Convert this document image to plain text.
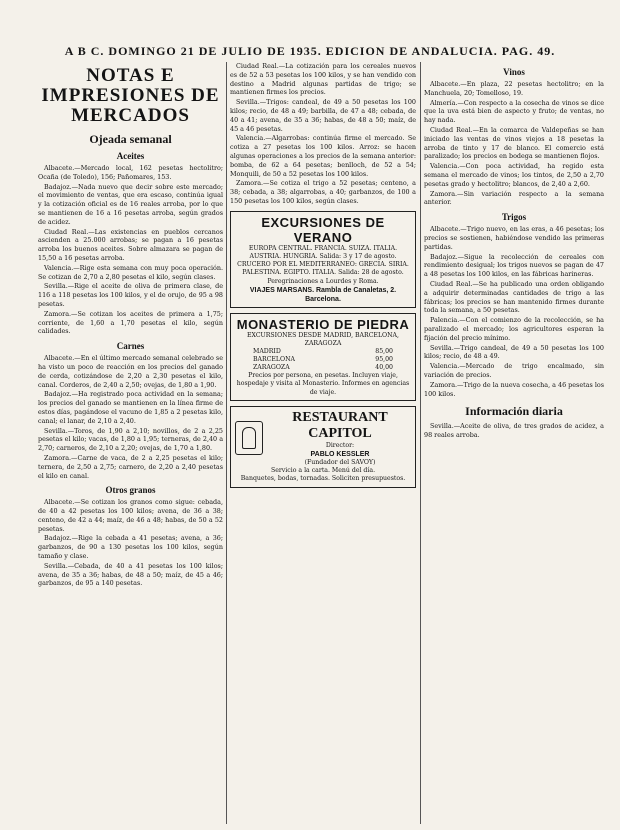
A B C. DOMINGO 21 DE JULIO DE 1935. EDICION DE ANDALUCIA. PAG. 49.
NOTAS E IMPRESIONES DE MERCADOS
Ojeada semanal
Aceites

Albacete.—Mercado local, 162 pesetas hectolitro; Ocaña (de Toledo), 156; Pañomares, 153.

Badajoz.—Nada nuevo que decir sobre este mercado; el movimiento de ventas, que era escaso, continúa igual y la cotización oficial es de 16 reales arroba, por lo que se mantienen de 16 a 16 pesetas arroba, según grados de acidez.

Ciudad Real.—Las existencias en pueblos cercanos ascienden a 25.000 arrobas; se pagan a 16 pesetas arroba los buenos aceites. Sobre almazara se pagan de 15,50 a 16 pesetas arroba.

Valencia.—Rige esta semana con muy poca operación. Se cotizan de 2,70 a 2,80 pesetas el kilo, según clases.

Sevilla.—Rige el aceite de oliva de primera clase, de 116 a 118 pesetas los 100 kilos, y el de orujo, de 95 a 98 pesetas.

Zamora.—Se cotizan los aceites de primera a 1,75; corriente, de 1,60 a 1,70 pesetas el kilo, según calidades.

Carnes

Albacete.—En el último mercado semanal celebrado se ha visto un poco de reacción en los precios del ganado de cerda, cotizándose de 2,20 a 2,30 pesetas el kilo, canal. Corderos, de 2,40 a 2,50; ovejas, de 1,80 a 1,90.

Badajoz.—Ha registrado poca actividad en la semana; los precios del ganado se mantienen en la línea firme de estos días, pagándose el vacuno de 1,85 a 2 pesetas kilo, canal; el lanar, de 2,10 a 2,40.

Sevilla.—Toros, de 1,90 a 2,10; novillos, de 2 a 2,25 pesetas el kilo; vacas, de 1,80 a 1,95; terneras, de 2,40 a 2,70; carneros, de 2,10 a 2,20; ovejas, de 1,70 a 1,80.

Zamora.—Carne de vaca, de 2 a 2,25 pesetas el kilo; ternera, de 2,50 a 2,75; carnero, de 2,20 a 2,40 pesetas el kilo en canal.

Otros granos

Albacete.—Se cotizan los granos como sigue: cebada, de 40 a 42 pesetas los 100 kilos; avena, de 36 a 38; centeno, de 42 a 44; maíz, de 46 a 48; habas, de 50 a 52 pesetas.

Badajoz.—Rige la cebada a 41 pesetas; avena, a 36; garbanzos, de 90 a 130 pesetas los 100 kilos, según tamaño y clase.

Sevilla.—Cebada, de 40 a 41 pesetas los 100 kilos; avena, de 35 a 36; habas, de 48 a 50; maíz, de 45 a 46; garbanzos, de 95 a 140 pesetas.

Ciudad Real.—La cotización para los cereales nuevos es de 52 a 53 pesetas los 100 kilos, y se han vendido con destino a Madrid algunas partidas de trigo; se mantienen firmes los precios.

Sevilla.—Trigos: candeal, de 49 a 50 pesetas los 100 kilos; recio, de 48 a 49; barbilla, de 47 a 48; cebada, de 40 a 41; avena, de 35 a 36; habas, de 48 a 50; maíz, de 45 a 46 pesetas.

Valencia.—Algarrobas: continúa firme el mercado. Se cotiza a 27 pesetas los 100 kilos. Arroz: se hacen algunas operaciones a los precios de la semana anterior: bomba, de 62 a 64 pesetas; benlloch, de 52 a 54; Monquili, de 50 a 52 pesetas los 100 kilos.

Zamora.—Se cotiza el trigo a 52 pesetas; centeno, a 38; cebada, a 38; algarrobas, a 40; garbanzos, de 100 a 150 pesetas los 100 kilos, según clases.

EXCURSIONES DE VERANO
EUROPA CENTRAL. FRANCIA. SUIZA. ITALIA. AUSTRIA. HUNGRIA. Salida: 3 y 17 de agosto.
CRUCERO POR EL MEDITERRANEO: GRECIA. SIRIA. PALESTINA. EGIPTO. ITALIA. Salida: 28 de agosto.
Peregrinaciones a Lourdes y Roma.
VIAJES MARSANS. Rambla de Canaletas, 2. Barcelona.
MONASTERIO DE PIEDRA
EXCURSIONES DESDE MADRID, BARCELONA, ZARAGOZA
MADRID	85,00
BARCELONA	95,00
ZARAGOZA	40,00
Precios por persona, en pesetas. Incluyen viaje, hospedaje y visita al Monasterio. Informes en agencias de viaje.
RESTAURANT CAPITOL
Director:
PABLO KESSLER
(Fundador del SAVOY)
Servicio a la carta. Menú del día.
Banquetes, bodas, tornadas. Soliciten presupuestos.
Vinos

Albacete.—En plaza, 22 pesetas hectolitro; en la Manchuela, 20; Tomelloso, 19.

Almería.—Con respecto a la cosecha de vinos se dice que la uva está bien de aspecto y fruto; de ventas, no hay nada.

Ciudad Real.—En la comarca de Valdepeñas se han iniciado las ventas de vinos viejos a 18 pesetas la arroba de tinto y 17 de blanco. El comercio está paralizado; los precios en bodega se mantienen flojos.

Valencia.—Con poca actividad, ha regido esta semana el mercado de vinos; los tintos, de 2,50 a 2,70 pesetas grado y hectolitro; blancos, de 2,40 a 2,60.

Zamora.—Sin variación respecto a la semana anterior.

Trigos

Albacete.—Trigo nuevo, en las eras, a 46 pesetas; los precios se sostienen, habiéndose vendido las primeras partidas.

Badajoz.—Sigue la recolección de cereales con rendimiento desigual; los trigos nuevos se pagan de 47 a 48 pesetas los 100 kilos, en las fábricas harineras.

Ciudad Real.—Se ha publicado una orden obligando a adquirir determinadas cantidades de trigo a las fábricas; los precios se han mantenido firmes durante toda la semana, a 50 pesetas.

Palencia.—Con el comienzo de la recolección, se ha paralizado el mercado; los agricultores esperan la fijación del precio mínimo.

Sevilla.—Trigo candeal, de 49 a 50 pesetas los 100 kilos; recio, de 48 a 49.

Valencia.—Mercado de trigo encalmado, sin variación de precios.

Zamora.—Trigo de la nueva cosecha, a 46 pesetas los 100 kilos.

Información diaria

Sevilla.—Aceite de oliva, de tres grados de acidez, a 98 reales arroba.
